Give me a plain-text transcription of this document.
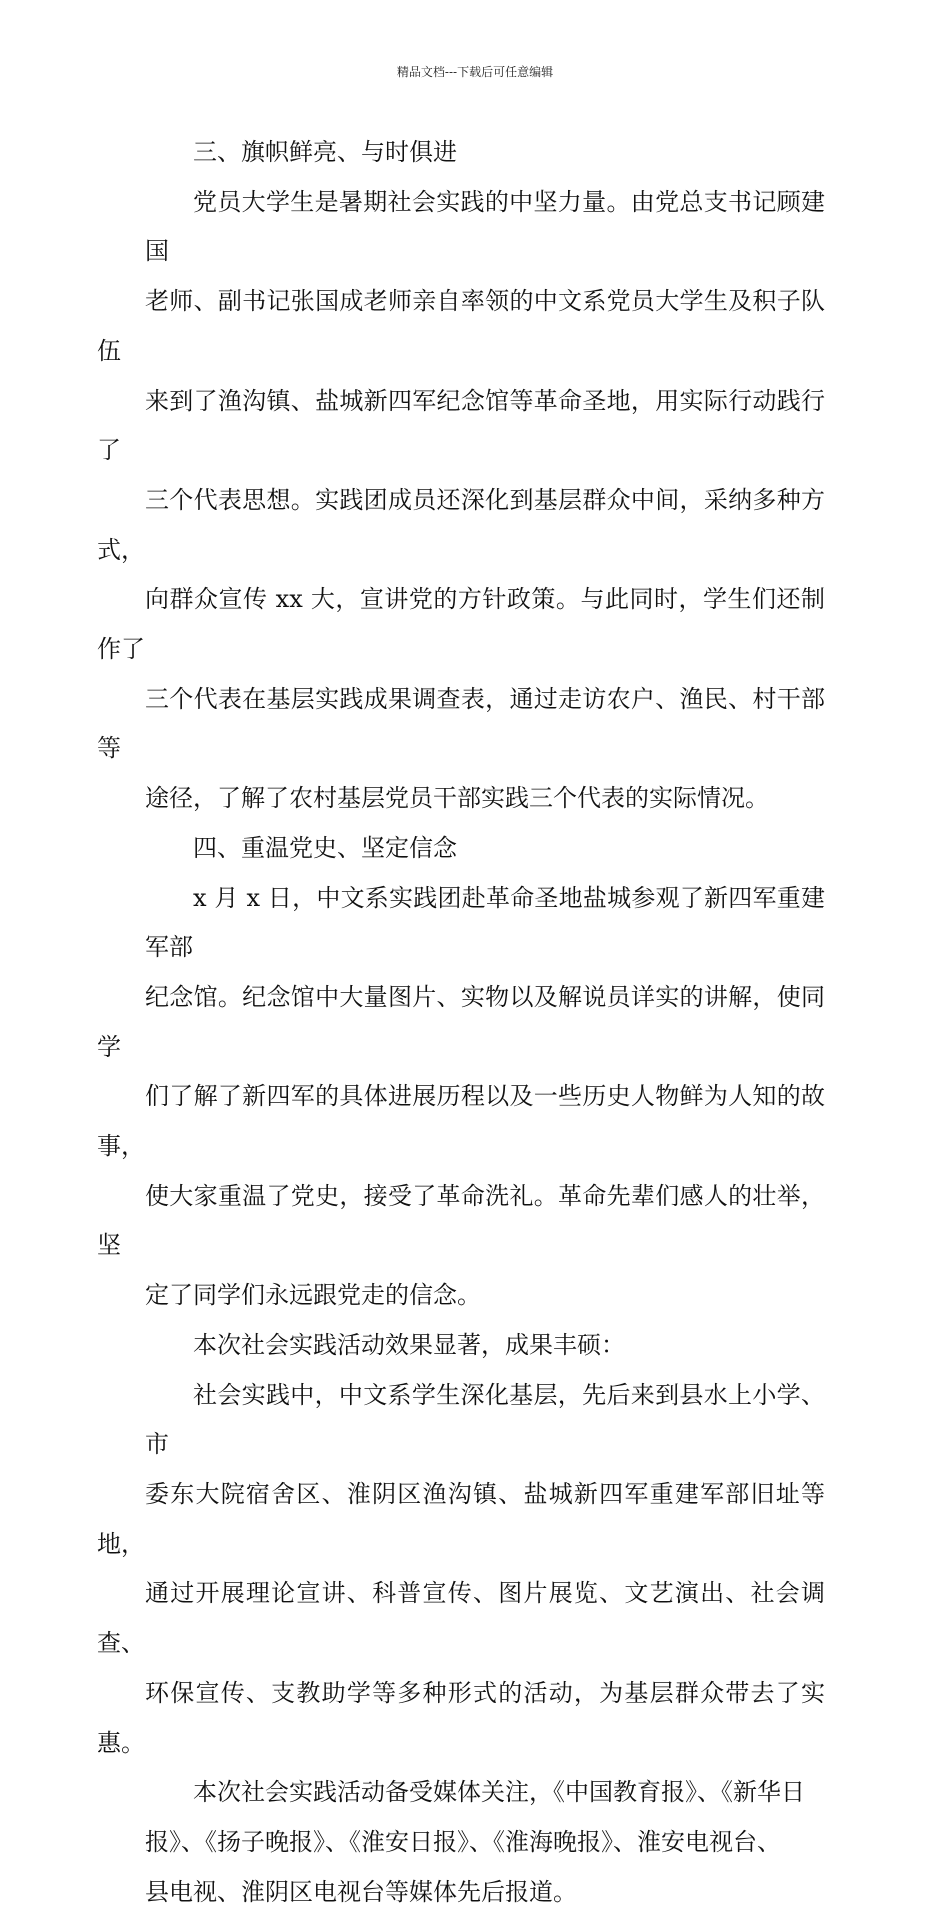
精品文档---下载后可任意编辑

三、旗帜鲜亮、与时俱进

党员大学生是暑期社会实践的中坚力量。由党总支书记顾建国
老师、副书记张国成老师亲自率领的中文系党员大学生及积子队伍
来到了渔沟镇、盐城新四军纪念馆等革命圣地，用实际行动践行了
三个代表思想。实践团成员还深化到基层群众中间，采纳多种方式，
向群众宣传 xx 大，宣讲党的方针政策。与此同时，学生们还制作了
三个代表在基层实践成果调查表，通过走访农户、渔民、村干部等
途径，了解了农村基层党员干部实践三个代表的实际情况。

四、重温党史、坚定信念

x 月 x 日，中文系实践团赴革命圣地盐城参观了新四军重建军部
纪念馆。纪念馆中大量图片、实物以及解说员详实的讲解，使同学
们了解了新四军的具体进展历程以及一些历史人物鲜为人知的故事，
使大家重温了党史，接受了革命洗礼。革命先辈们感人的壮举，坚
定了同学们永远跟党走的信念。

本次社会实践活动效果显著，成果丰硕：

社会实践中，中文系学生深化基层，先后来到县水上小学、市
委东大院宿舍区、淮阴区渔沟镇、盐城新四军重建军部旧址等地，
通过开展理论宣讲、科普宣传、图片展览、文艺演出、社会调查、
环保宣传、支教助学等多种形式的活动，为基层群众带去了实惠。

本次社会实践活动备受媒体关注，《中国教育报》、《新华日
报》、《扬子晚报》、《淮安日报》、《淮海晚报》、淮安电视台、
县电视、淮阴区电视台等媒体先后报道。
